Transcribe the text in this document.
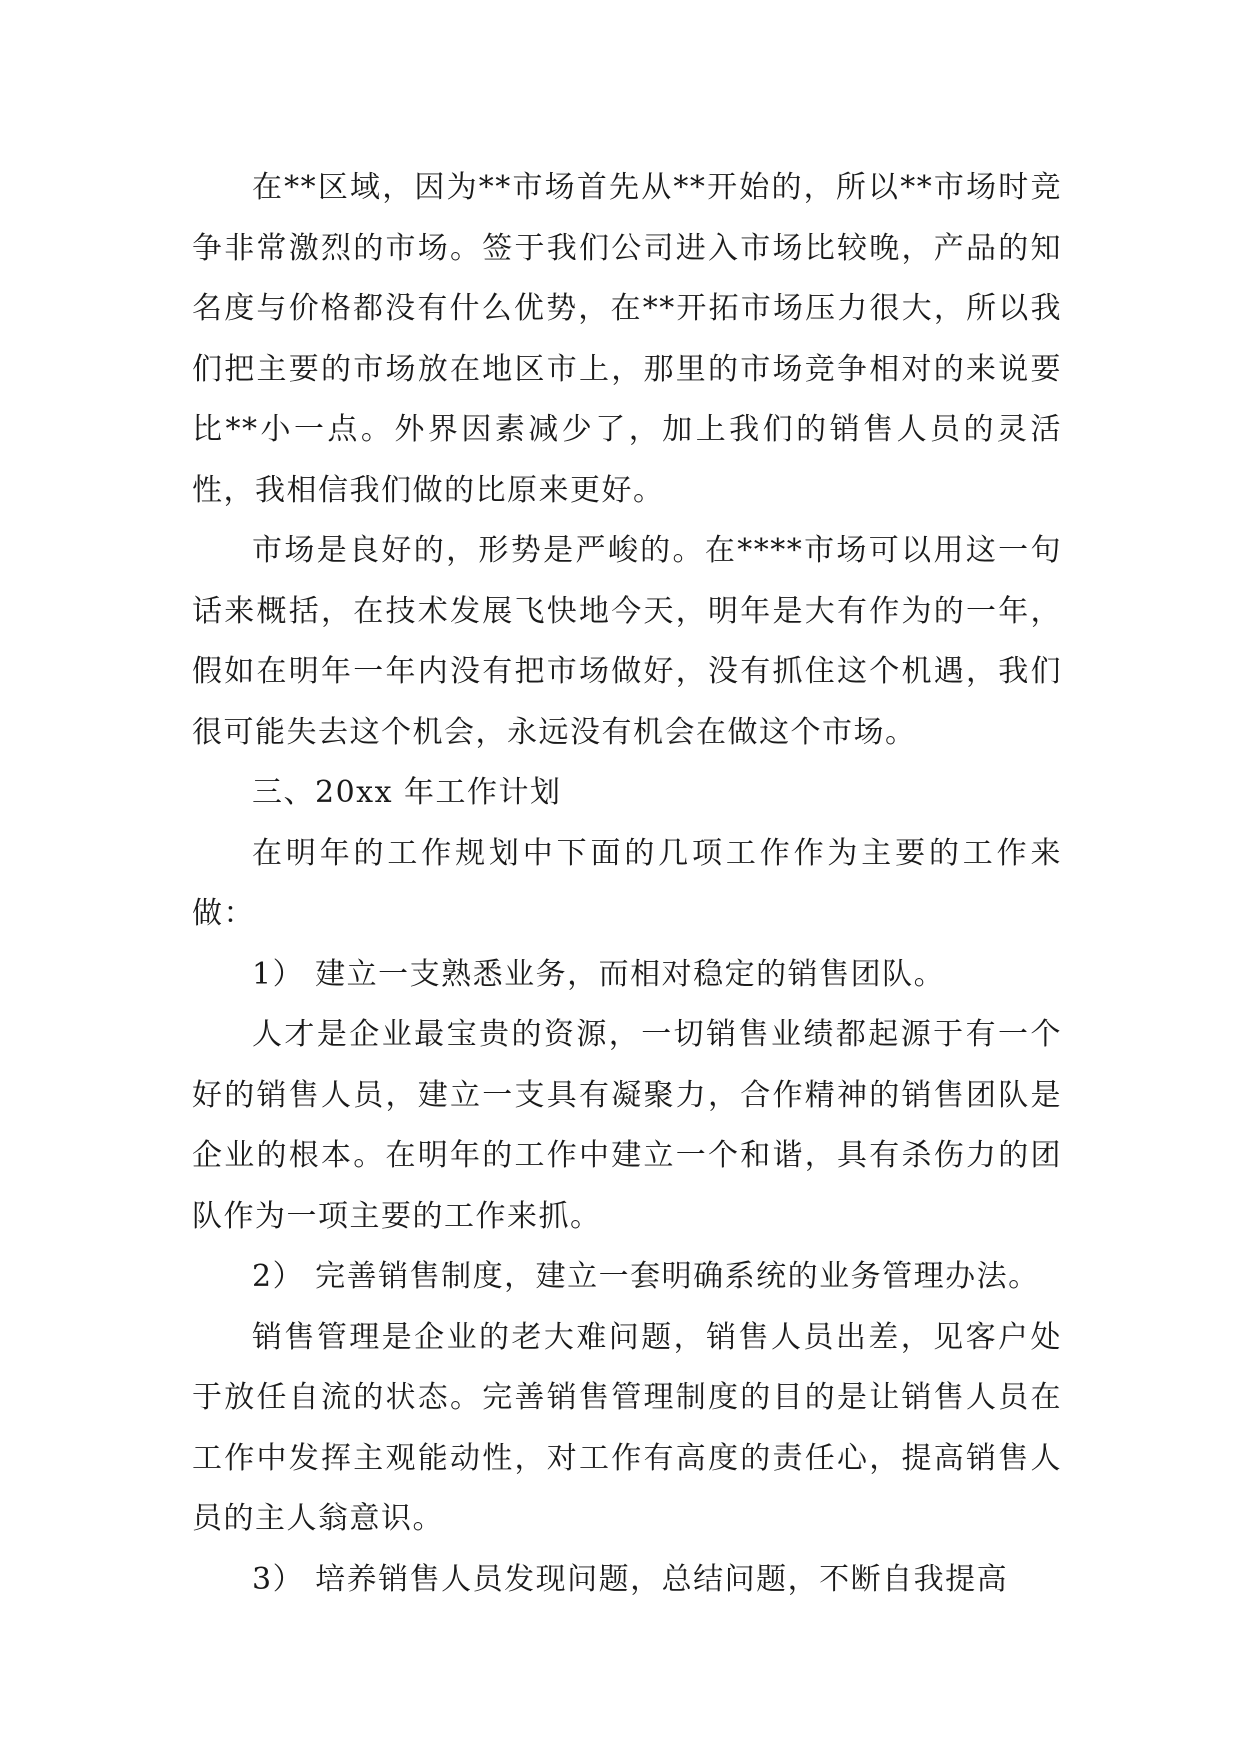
在**区域，因为**市场首先从**开始的，所以**市场时竞争非常激烈的市场。签于我们公司进入市场比较晚，产品的知名度与价格都没有什么优势，在**开拓市场压力很大，所以我们把主要的市场放在地区市上，那里的市场竞争相对的来说要比**小一点。外界因素减少了，加上我们的销售人员的灵活性，我相信我们做的比原来更好。

市场是良好的，形势是严峻的。在****市场可以用这一句话来概括，在技术发展飞快地今天，明年是大有作为的一年，假如在明年一年内没有把市场做好，没有抓住这个机遇，我们很可能失去这个机会，永远没有机会在做这个市场。

三、20xx 年工作计划

在明年的工作规划中下面的几项工作作为主要的工作来做：

1） 建立一支熟悉业务，而相对稳定的销售团队。

人才是企业最宝贵的资源，一切销售业绩都起源于有一个好的销售人员，建立一支具有凝聚力，合作精神的销售团队是企业的根本。在明年的工作中建立一个和谐，具有杀伤力的团队作为一项主要的工作来抓。

2） 完善销售制度，建立一套明确系统的业务管理办法。

销售管理是企业的老大难问题，销售人员出差，见客户处于放任自流的状态。完善销售管理制度的目的是让销售人员在工作中发挥主观能动性，对工作有高度的责任心，提高销售人员的主人翁意识。

3） 培养销售人员发现问题，总结问题，不断自我提高
